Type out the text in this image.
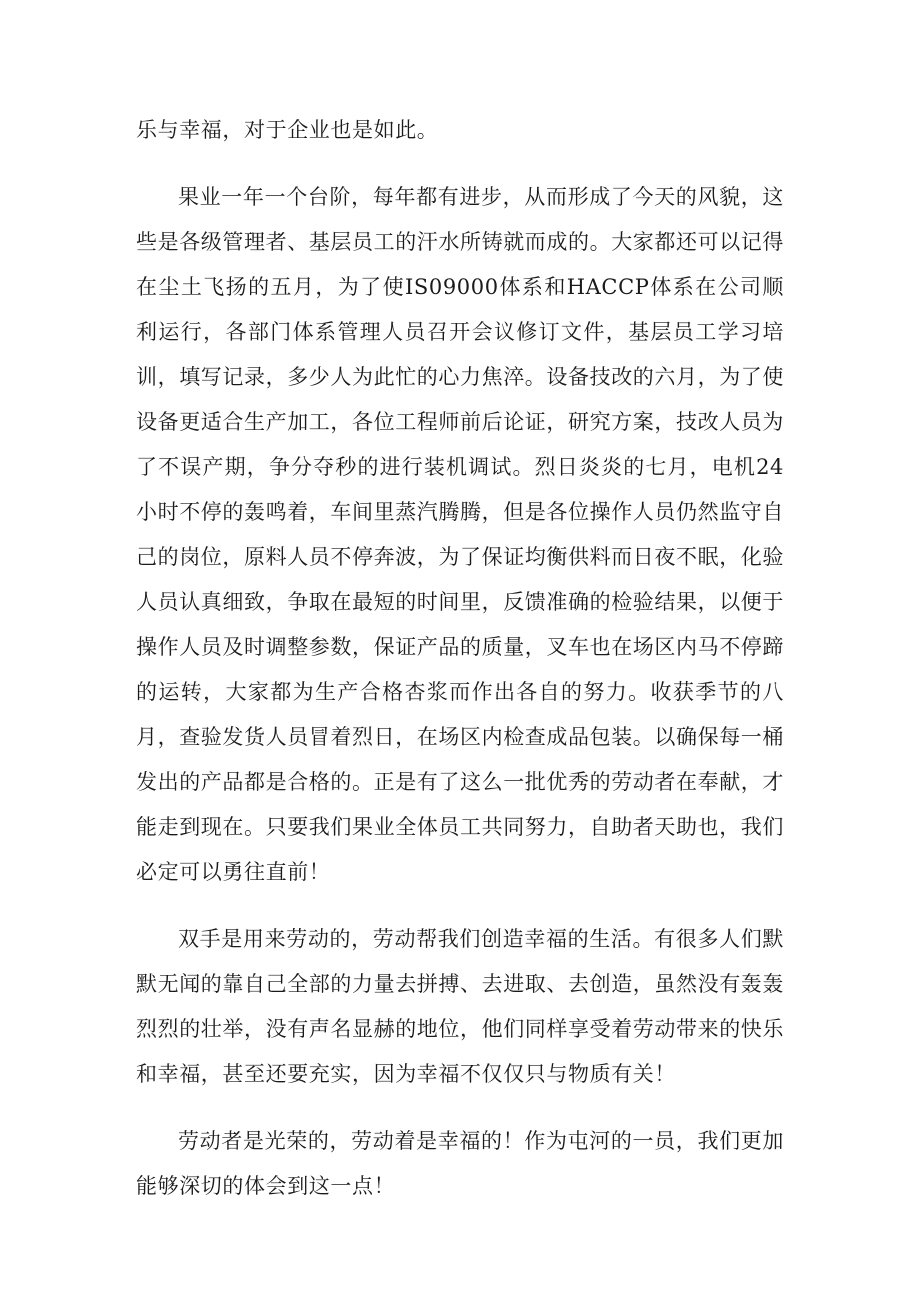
乐与幸福，对于企业也是如此。

果业一年一个台阶，每年都有进步，从而形成了今天的风貌，这些是各级管理者、基层员工的汗水所铸就而成的。大家都还可以记得在尘土飞扬的五月，为了使IS09000体系和HACCP体系在公司顺利运行，各部门体系管理人员召开会议修订文件，基层员工学习培训，填写记录，多少人为此忙的心力焦淬。设备技改的六月，为了使设备更适合生产加工，各位工程师前后论证，研究方案，技改人员为了不误产期，争分夺秒的进行装机调试。烈日炎炎的七月，电机24小时不停的轰鸣着，车间里蒸汽腾腾，但是各位操作人员仍然监守自己的岗位，原料人员不停奔波，为了保证均衡供料而日夜不眠，化验人员认真细致，争取在最短的时间里，反馈准确的检验结果，以便于操作人员及时调整参数，保证产品的质量，叉车也在场区内马不停蹄的运转，大家都为生产合格杏浆而作出各自的努力。收获季节的八月，查验发货人员冒着烈日，在场区内检查成品包装。以确保每一桶发出的产品都是合格的。正是有了这么一批优秀的劳动者在奉献，才能走到现在。只要我们果业全体员工共同努力，自助者天助也，我们必定可以勇往直前！

双手是用来劳动的，劳动帮我们创造幸福的生活。有很多人们默默无闻的靠自己全部的力量去拼搏、去进取、去创造，虽然没有轰轰烈烈的壮举，没有声名显赫的地位，他们同样享受着劳动带来的快乐和幸福，甚至还要充实，因为幸福不仅仅只与物质有关！

劳动者是光荣的，劳动着是幸福的！作为屯河的一员，我们更加能够深切的体会到这一点！
